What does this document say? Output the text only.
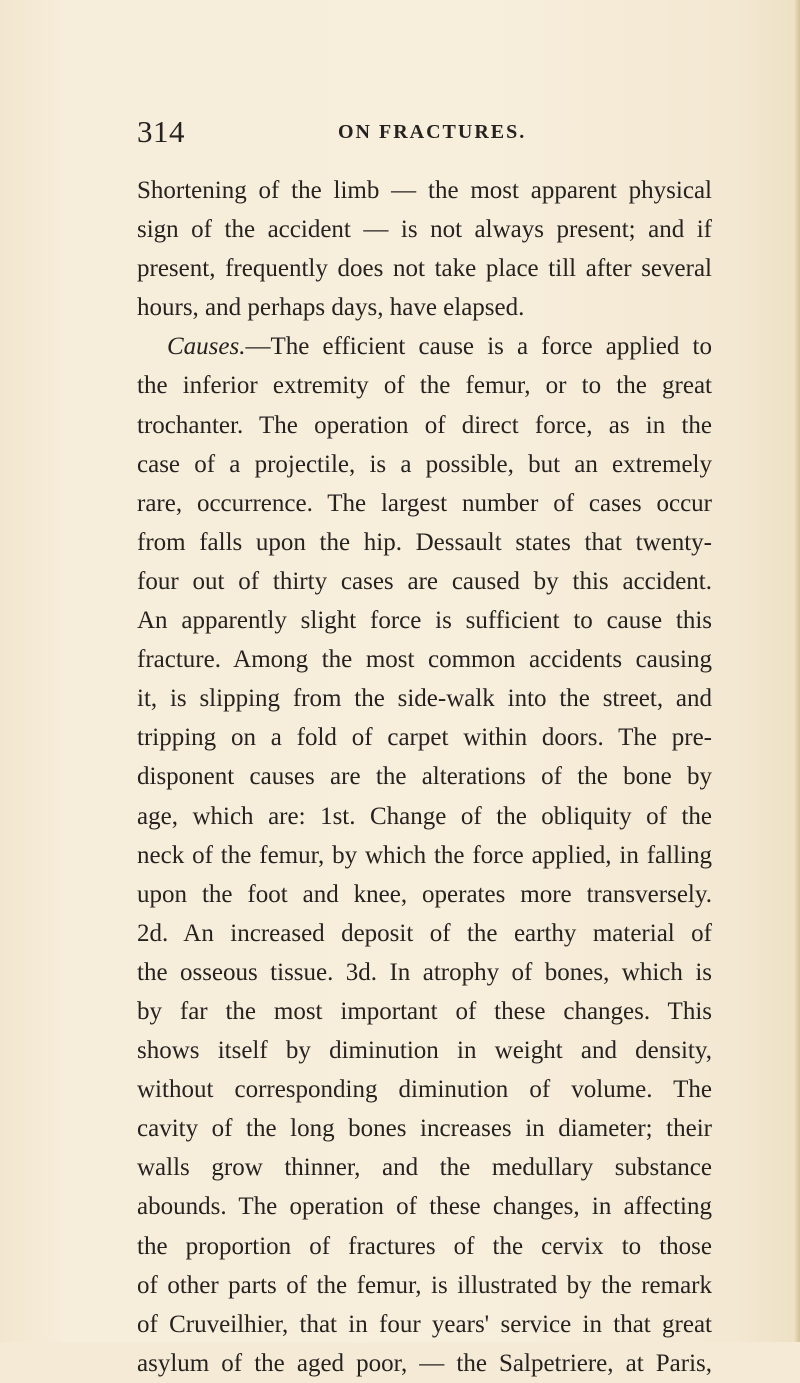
314	ON FRACTURES.
Shortening of the limb — the most apparent physical
sign of the accident — is not always present; and if
present, frequently does not take place till after several
hours, and perhaps days, have elapsed.
Causes.—The efficient cause is a force applied to
the inferior extremity of the femur, or to the great
trochanter. The operation of direct force, as in the
case of a projectile, is a possible, but an extremely
rare, occurrence. The largest number of cases occur
from falls upon the hip. Dessault states that twenty-
four out of thirty cases are caused by this accident.
An apparently slight force is sufficient to cause this
fracture. Among the most common accidents causing
it, is slipping from the side-walk into the street, and
tripping on a fold of carpet within doors. The pre-
disponent causes are the alterations of the bone by
age, which are: 1st. Change of the obliquity of the
neck of the femur, by which the force applied, in falling
upon the foot and knee, operates more transversely.
2d. An increased deposit of the earthy material of
the osseous tissue. 3d. In atrophy of bones, which is
by far the most important of these changes. This
shows itself by diminution in weight and density,
without corresponding diminution of volume. The
cavity of the long bones increases in diameter; their
walls grow thinner, and the medullary substance
abounds. The operation of these changes, in affecting
the proportion of fractures of the cervix to those
of other parts of the femur, is illustrated by the remark
of Cruveilhier, that in four years' service in that great
asylum of the aged poor, — the Salpetriere, at Paris,
